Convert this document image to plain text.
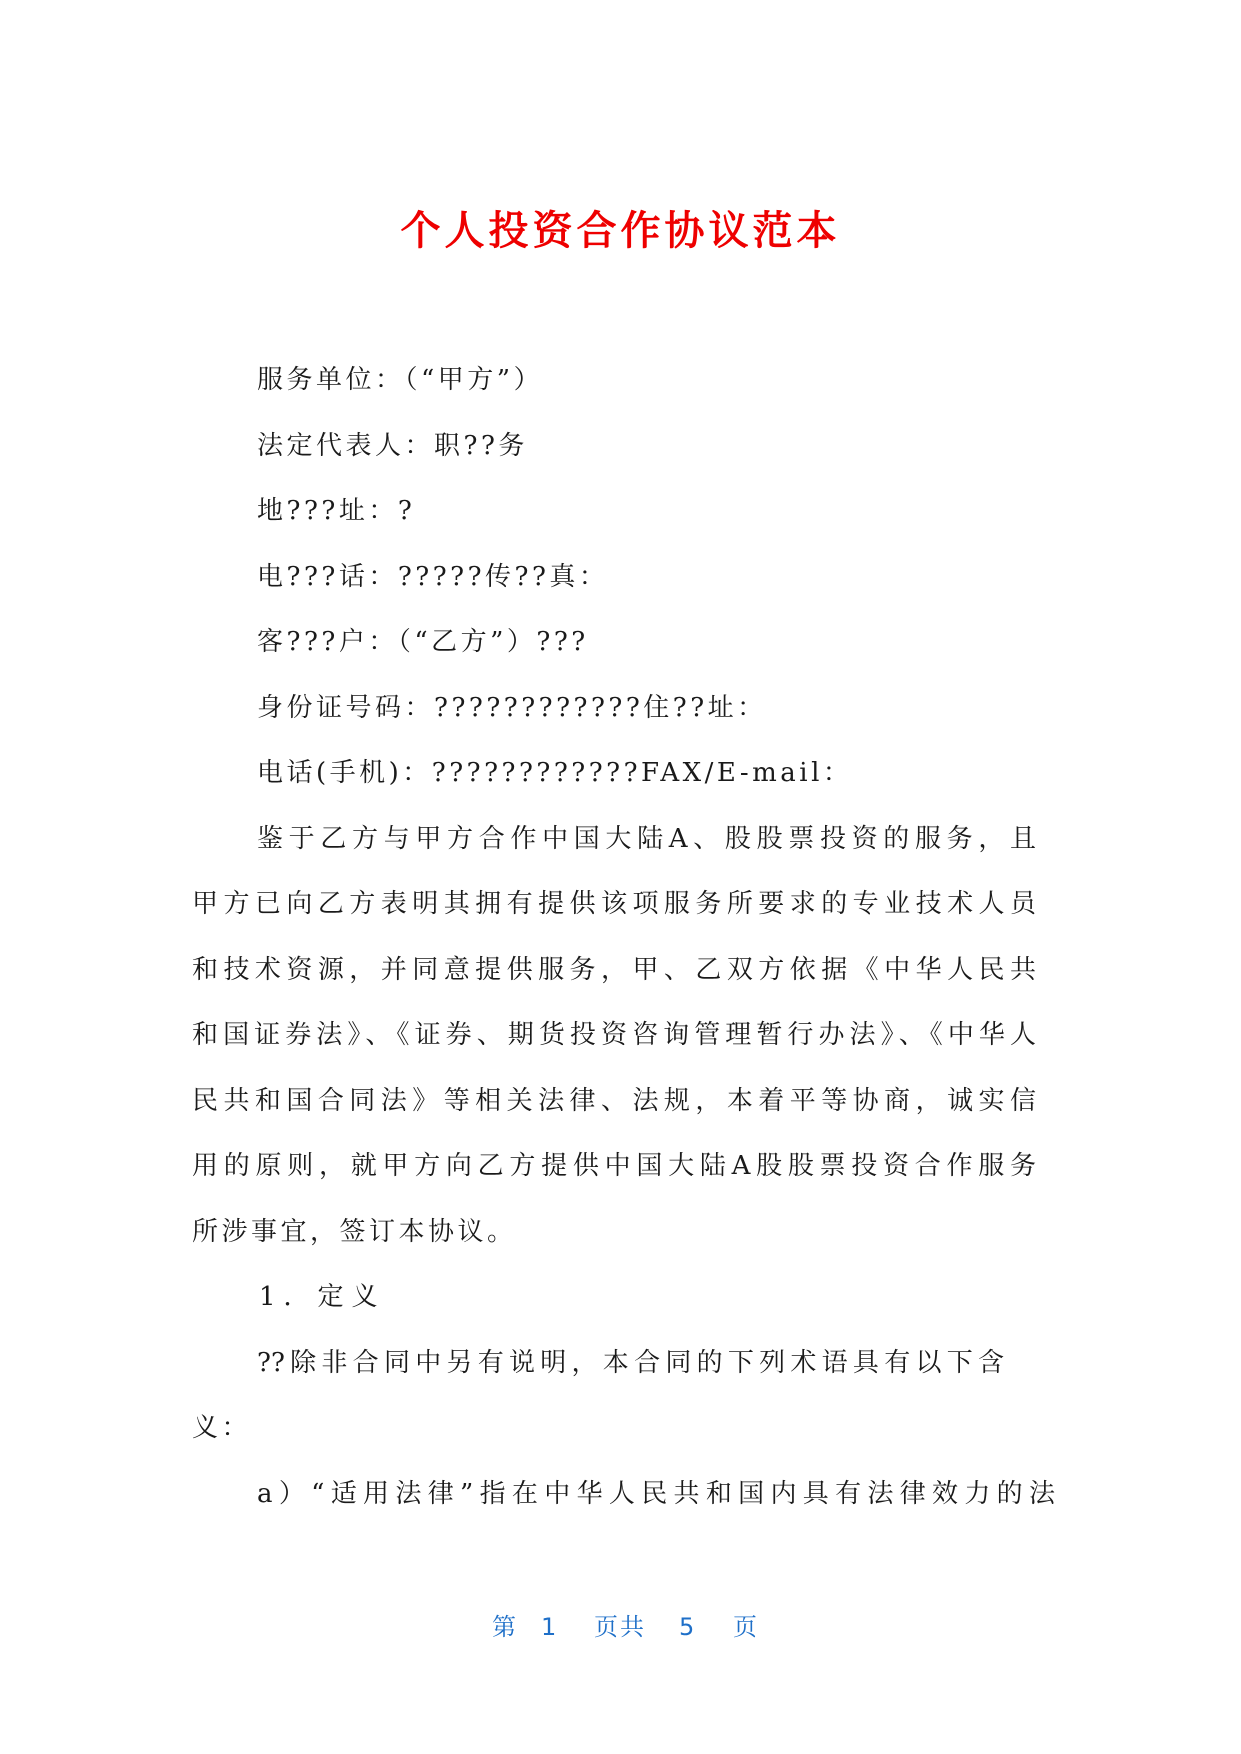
个人投资合作协议范本
服务单位：（“甲方”）
法定代表人：职??务
地???址：?
电???话：?????传??真：
客???户：（“乙方”）???
身份证号码：????????????住??址：
电话(手机)：????????????FAX/E-mail：
鉴于乙方与甲方合作中国大陆A、股股票投资的服务，且
甲方已向乙方表明其拥有提供该项服务所要求的专业技术人员
和技术资源，并同意提供服务，甲、乙双方依据《中华人民共
和国证券法》、《证券、期货投资咨询管理暂行办法》、《中华人
民共和国合同法》等相关法律、法规，本着平等协商，诚实信
用的原则，就甲方向乙方提供中国大陆A股股票投资合作服务
所涉事宜，签订本协议。
1．定义
??除非合同中另有说明，本合同的下列术语具有以下含
义：
a）“适用法律”指在中华人民共和国内具有法律效力的法
第 1 页共 5 页
